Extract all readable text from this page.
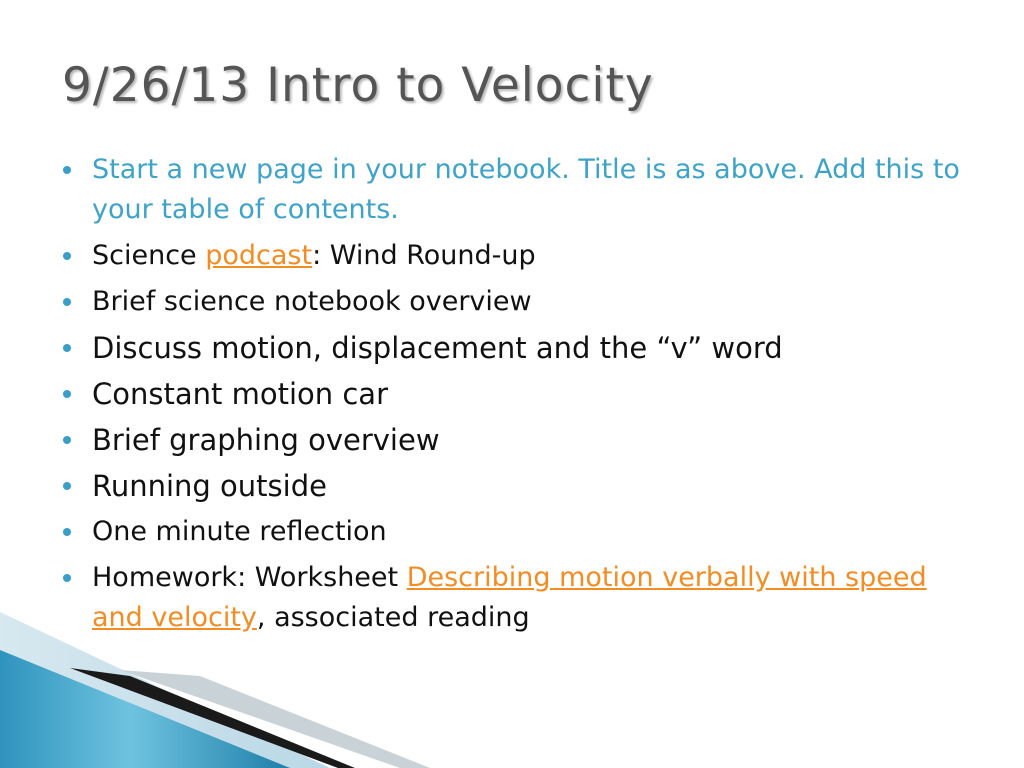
9/26/13 Intro to Velocity
Start a new page in your notebook. Title is as above. Add this to your table of contents.
Science podcast: Wind Round-up
Brief science notebook overview
Discuss motion, displacement and the “v” word
Constant motion car
Brief graphing overview
Running outside
One minute reflection
Homework: Worksheet Describing motion verbally with speed and velocity, associated reading
